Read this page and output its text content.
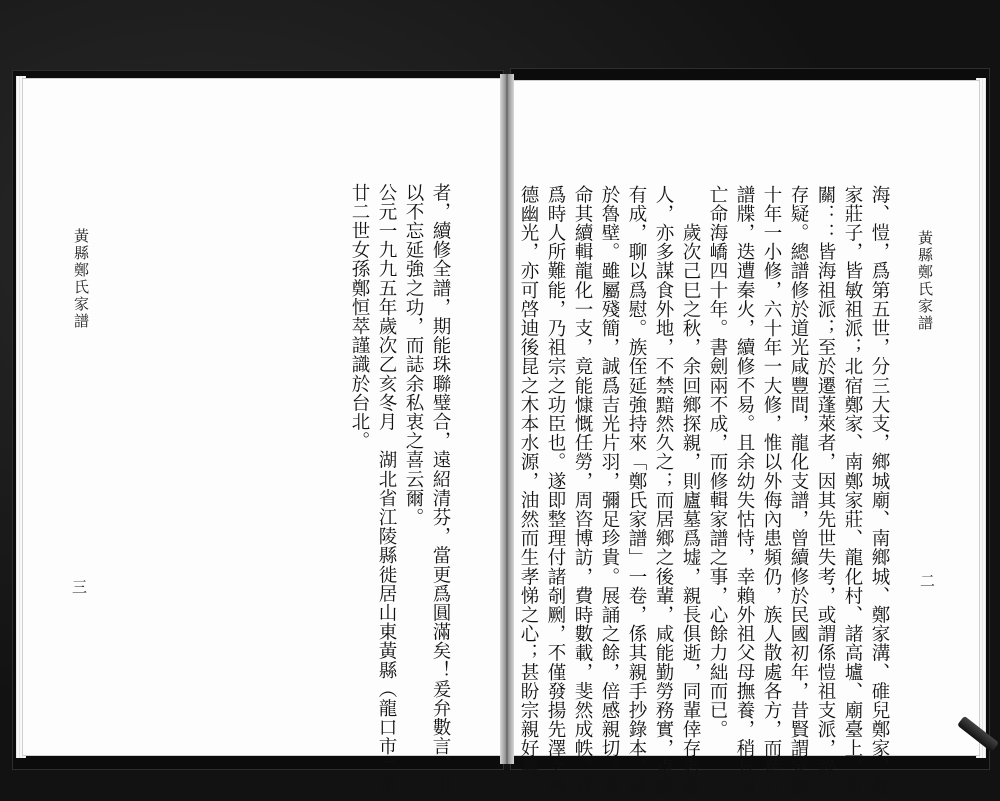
黃縣鄭氏家譜	者，續修全譜，期能珠聯璧合，遠紹清芬，當更爲圓滿矣！爰弁數言，用
以不忘延強之功，而誌余私衷之喜云爾。
公元一九九五年歲次乙亥冬月　湖北省江陵縣徙居山東黃縣（龍口市）第
廿二世女孫鄭恒萃謹識於台北。
三
黃縣鄭氏家譜
海、愷，爲第五世，分三大支，鄉城廟、南鄉城、鄭家溝、碓兒鄭家、鄭
家莊子，皆敏祖派；北宿鄭家、南鄭家莊、龍化村、諸高壚、廟臺上、東
關：：皆海祖派；至於遷蓬萊者，因其先世失考，或謂係愷祖支派，錄之
存疑。總譜修於道光咸豐間，龍化支譜，曾續修於民國初年，昔賢謂家譜
十年一小修，六十年一大修，惟以外侮內患頻仍，族人散處各方，而舊有
譜牒，迭遭秦火，續修不易。且余幼失怙恃，幸賴外祖父母撫養，稍長則
亡命海嶠四十年。書劍兩不成，而修輯家譜之事，心餘力絀而已。
　　歲次己巳之秋，余回鄉探親，則廬墓爲墟，親長俱逝，同輩倖存者數
人，亦多謀食外地，不禁黯然久之；而居鄉之後輩，咸能勤勞務實，卓然
有成，聊以爲慰。族侄延強持來「鄭氏家譜」一卷，係其親手抄錄本，藏
於魯壁。雖屬殘簡，誠爲吉光片羽，彌足珍貴。展誦之餘，倍感親切。遂
命其續輯龍化一支，竟能慷慨任勞，周咨博訪，費時數載，斐然成帙。實
爲時人所難能，乃祖宗之功臣也。遂即整理付諸剞劂，不僅發揚先澤之潛
德幽光，亦可啓迪後昆之木本水源，油然而生孝悌之心；甚盼宗親好義	二
